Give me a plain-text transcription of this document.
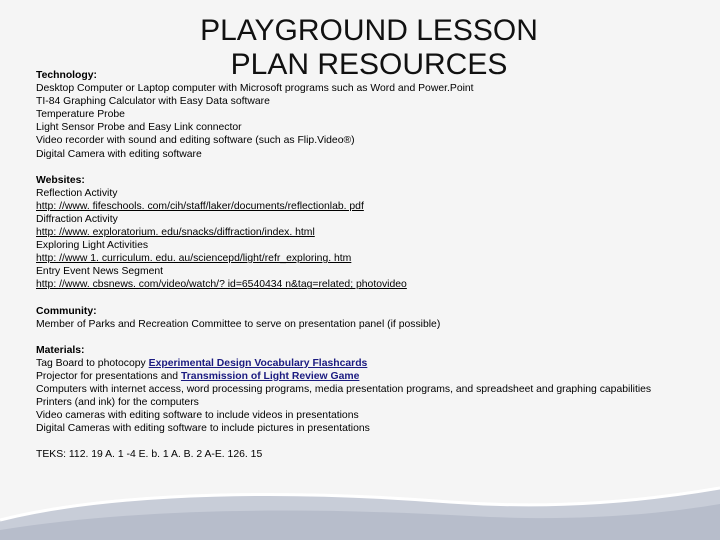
PLAYGROUND LESSON PLAN RESOURCES

Technology:

Desktop Computer or Laptop computer with Microsoft programs such as Word and Power.Point

TI-84 Graphing Calculator with Easy Data software

Temperature Probe

Light Sensor Probe and Easy Link connector

Video recorder with sound and editing software (such as Flip.Video®)

Digital Camera with editing software

Websites:

Reflection Activity

http: //www. fifeschools. com/cih/staff/laker/documents/reflectionlab. pdf

Diffraction Activity

http: //www. exploratorium. edu/snacks/diffraction/index. html

Exploring Light Activities

http: //www 1. curriculum. edu. au/sciencepd/light/refr_exploring. htm

Entry Event News Segment

http: //www. cbsnews. com/video/watch/? id=6540434 n&tag=related; photovideo

Community:

Member of Parks and Recreation Committee to serve on presentation panel (if possible)

Materials:

Tag Board to photocopy Experimental Design Vocabulary Flashcards

Projector for presentations and Transmission of Light Review Game

Computers with internet access, word processing programs, media presentation programs, and spreadsheet and graphing capabilities

Printers (and ink) for the computers

Video cameras with editing software to include videos in presentations

Digital Cameras with editing software to include pictures in presentations

TEKS: 112. 19 A. 1 -4 E. b. 1 A. B. 2 A-E. 126. 15
